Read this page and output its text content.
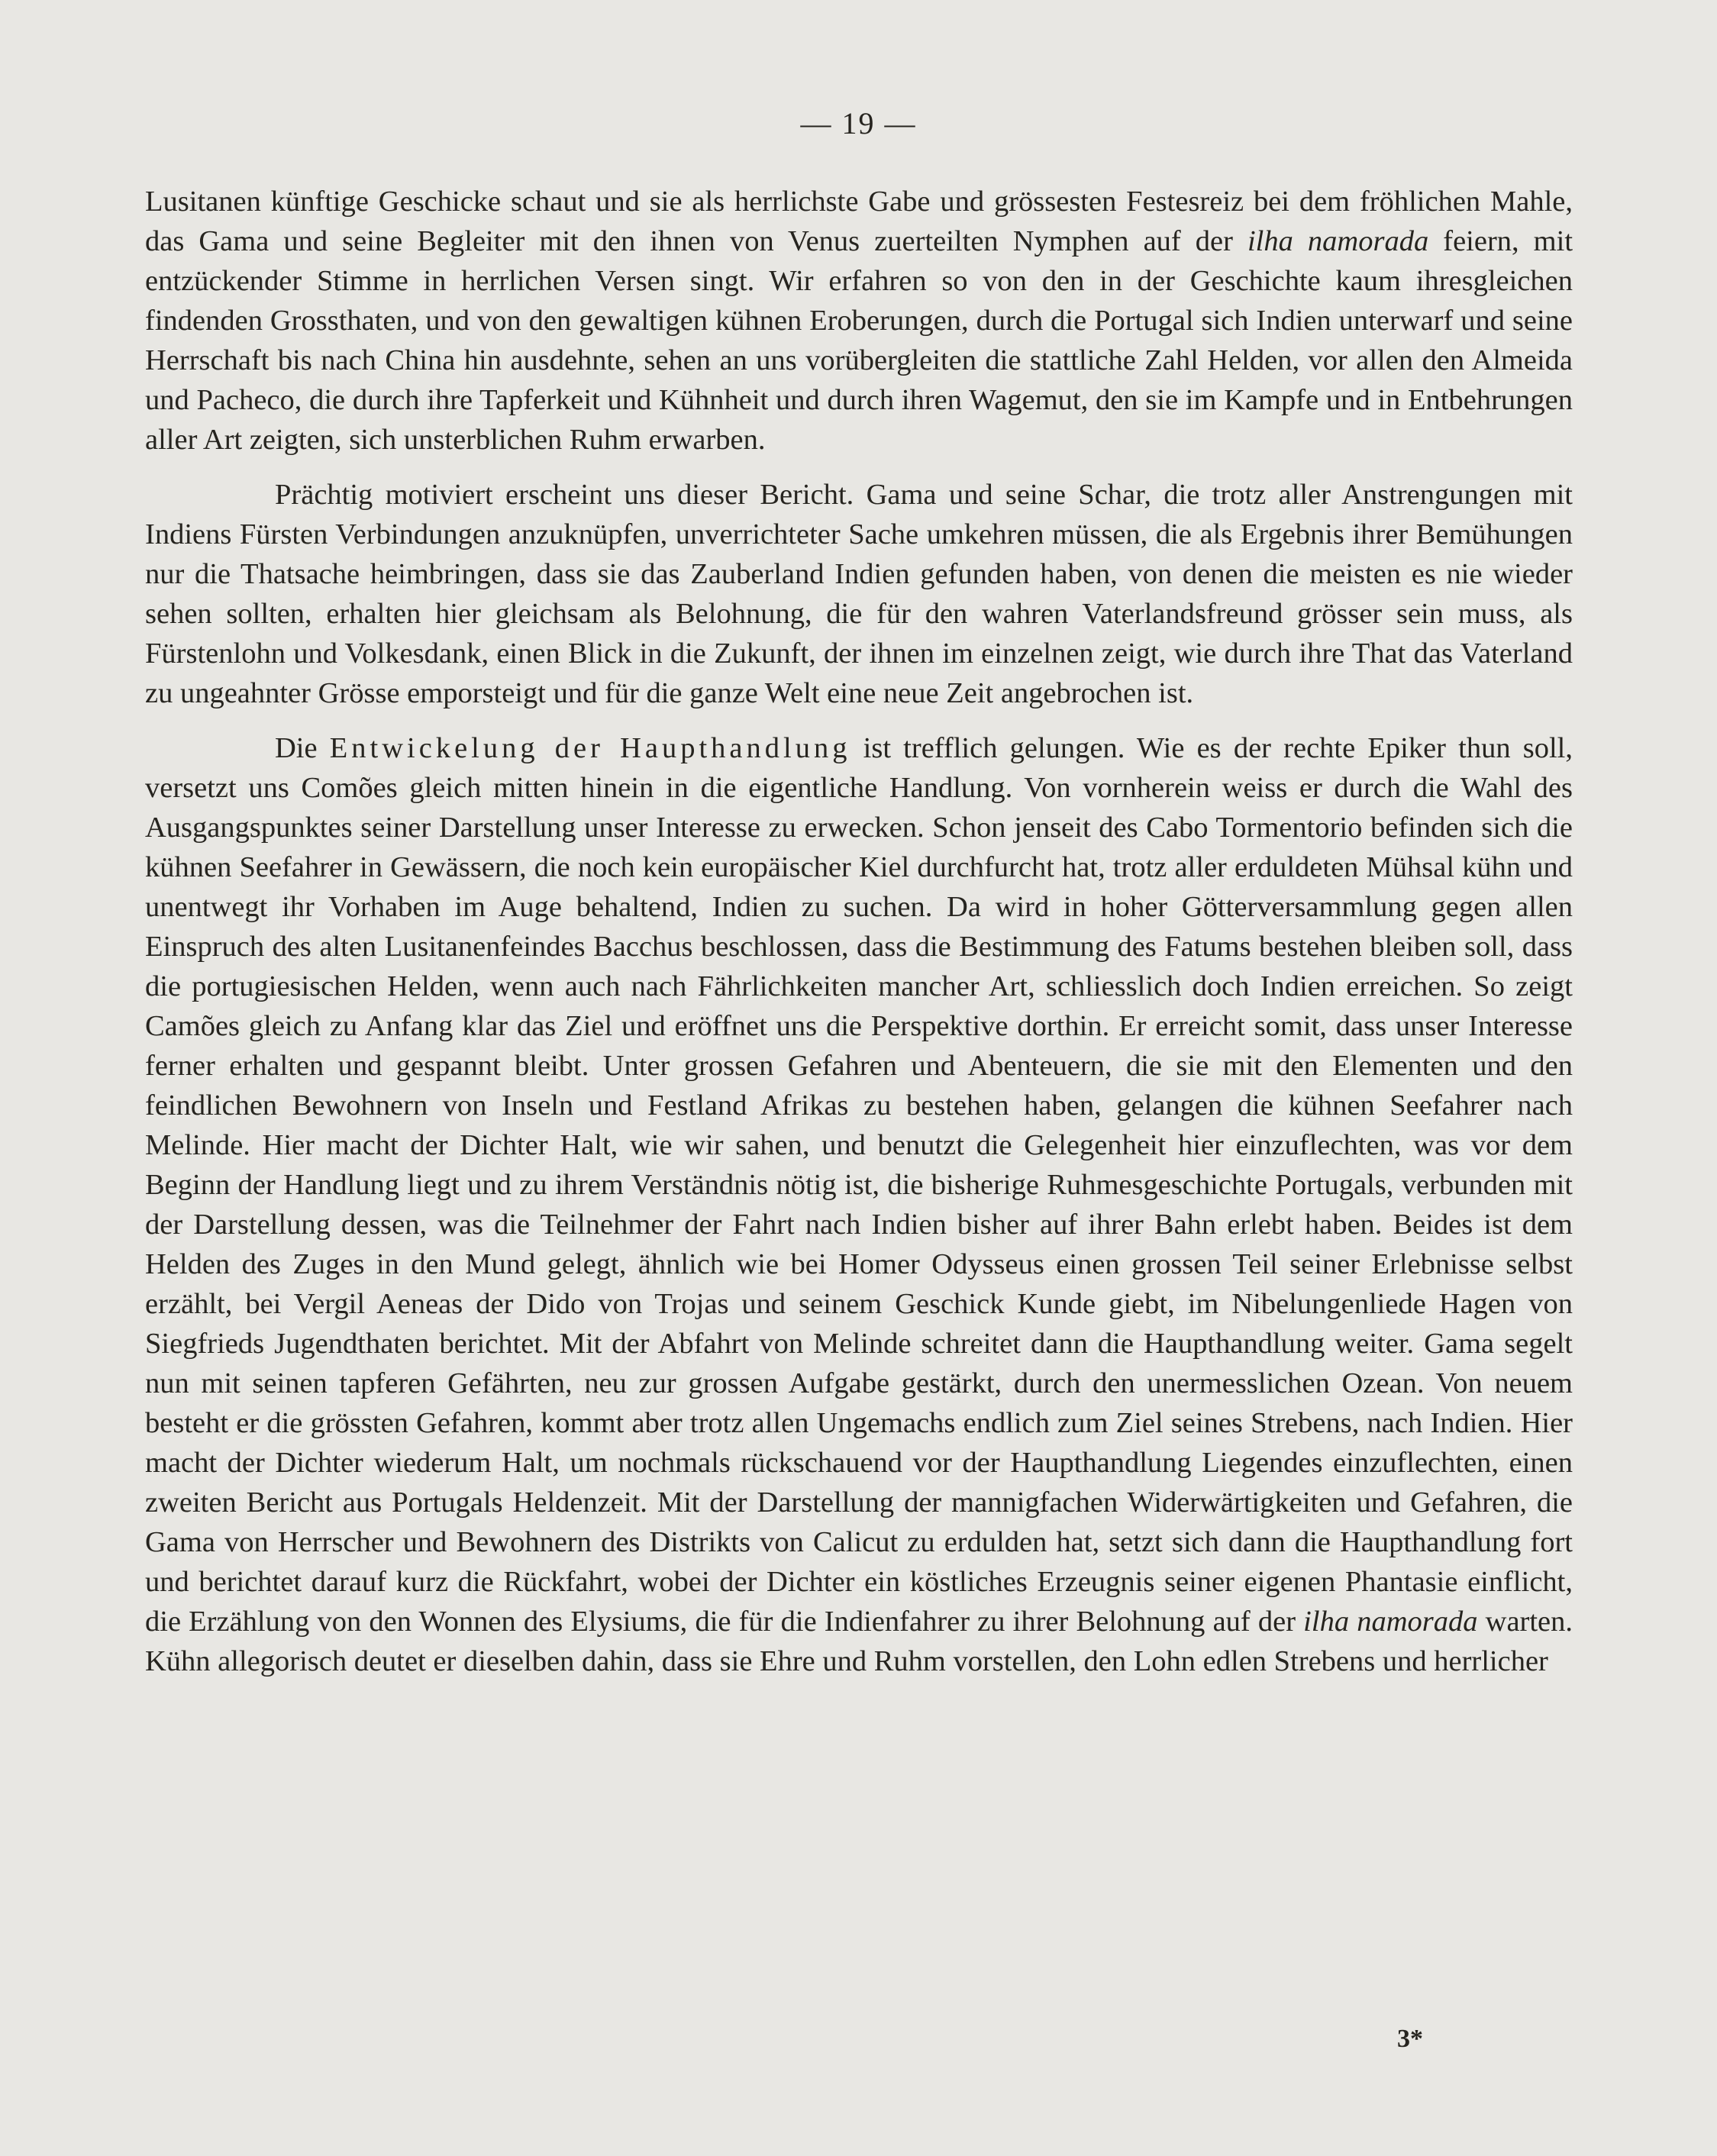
— 19 —

Lusitanen künftige Geschicke schaut und sie als herrlichste Gabe und grössesten Festesreiz bei dem fröhlichen Mahle, das Gama und seine Begleiter mit den ihnen von Venus zuerteilten Nymphen auf der ilha namorada feiern, mit entzückender Stimme in herrlichen Versen singt. Wir erfahren so von den in der Geschichte kaum ihresgleichen findenden Grossthaten, und von den gewaltigen kühnen Eroberungen, durch die Portugal sich Indien unterwarf und seine Herrschaft bis nach China hin ausdehnte, sehen an uns vorübergleiten die stattliche Zahl Helden, vor allen den Almeida und Pacheco, die durch ihre Tapferkeit und Kühnheit und durch ihren Wagemut, den sie im Kampfe und in Entbehrungen aller Art zeigten, sich unsterblichen Ruhm erwarben.

Prächtig motiviert erscheint uns dieser Bericht. Gama und seine Schar, die trotz aller Anstrengungen mit Indiens Fürsten Verbindungen anzuknüpfen, unverrichteter Sache umkehren müssen, die als Ergebnis ihrer Bemühungen nur die Thatsache heimbringen, dass sie das Zauberland Indien gefunden haben, von denen die meisten es nie wieder sehen sollten, erhalten hier gleichsam als Belohnung, die für den wahren Vaterlandsfreund grösser sein muss, als Fürstenlohn und Volkesdank, einen Blick in die Zukunft, der ihnen im einzelnen zeigt, wie durch ihre That das Vaterland zu ungeahnter Grösse emporsteigt und für die ganze Welt eine neue Zeit angebrochen ist.

Die Entwickelung der Haupthandlung ist trefflich gelungen. Wie es der rechte Epiker thun soll, versetzt uns Comões gleich mitten hinein in die eigentliche Handlung. Von vornherein weiss er durch die Wahl des Ausgangspunktes seiner Darstellung unser Interesse zu erwecken. Schon jenseit des Cabo Tormentorio befinden sich die kühnen Seefahrer in Gewässern, die noch kein europäischer Kiel durchfurcht hat, trotz aller erduldeten Mühsal kühn und unentwegt ihr Vorhaben im Auge behaltend, Indien zu suchen. Da wird in hoher Götterversammlung gegen allen Einspruch des alten Lusitanenfeindes Bacchus beschlossen, dass die Bestimmung des Fatums bestehen bleiben soll, dass die portugiesischen Helden, wenn auch nach Fährlichkeiten mancher Art, schliesslich doch Indien erreichen. So zeigt Camões gleich zu Anfang klar das Ziel und eröffnet uns die Perspektive dorthin. Er erreicht somit, dass unser Interesse ferner erhalten und gespannt bleibt. Unter grossen Gefahren und Abenteuern, die sie mit den Elementen und den feindlichen Bewohnern von Inseln und Festland Afrikas zu bestehen haben, gelangen die kühnen Seefahrer nach Melinde. Hier macht der Dichter Halt, wie wir sahen, und benutzt die Gelegenheit hier einzuflechten, was vor dem Beginn der Handlung liegt und zu ihrem Verständnis nötig ist, die bisherige Ruhmesgeschichte Portugals, verbunden mit der Darstellung dessen, was die Teilnehmer der Fahrt nach Indien bisher auf ihrer Bahn erlebt haben. Beides ist dem Helden des Zuges in den Mund gelegt, ähnlich wie bei Homer Odysseus einen grossen Teil seiner Erlebnisse selbst erzählt, bei Vergil Aeneas der Dido von Trojas und seinem Geschick Kunde giebt, im Nibelungenliede Hagen von Siegfrieds Jugendthaten berichtet. Mit der Abfahrt von Melinde schreitet dann die Haupthandlung weiter. Gama segelt nun mit seinen tapferen Gefährten, neu zur grossen Aufgabe gestärkt, durch den unermesslichen Ozean. Von neuem besteht er die grössten Gefahren, kommt aber trotz allen Ungemachs endlich zum Ziel seines Strebens, nach Indien. Hier macht der Dichter wiederum Halt, um nochmals rückschauend vor der Haupthandlung Liegendes einzuflechten, einen zweiten Bericht aus Portugals Heldenzeit. Mit der Darstellung der mannigfachen Widerwärtigkeiten und Gefahren, die Gama von Herrscher und Bewohnern des Distrikts von Calicut zu erdulden hat, setzt sich dann die Haupthandlung fort und berichtet darauf kurz die Rückfahrt, wobei der Dichter ein köstliches Erzeugnis seiner eigenen Phantasie einflicht, die Erzählung von den Wonnen des Elysiums, die für die Indienfahrer zu ihrer Belohnung auf der ilha namorada warten. Kühn allegorisch deutet er dieselben dahin, dass sie Ehre und Ruhm vorstellen, den Lohn edlen Strebens und herrlicher

3*
